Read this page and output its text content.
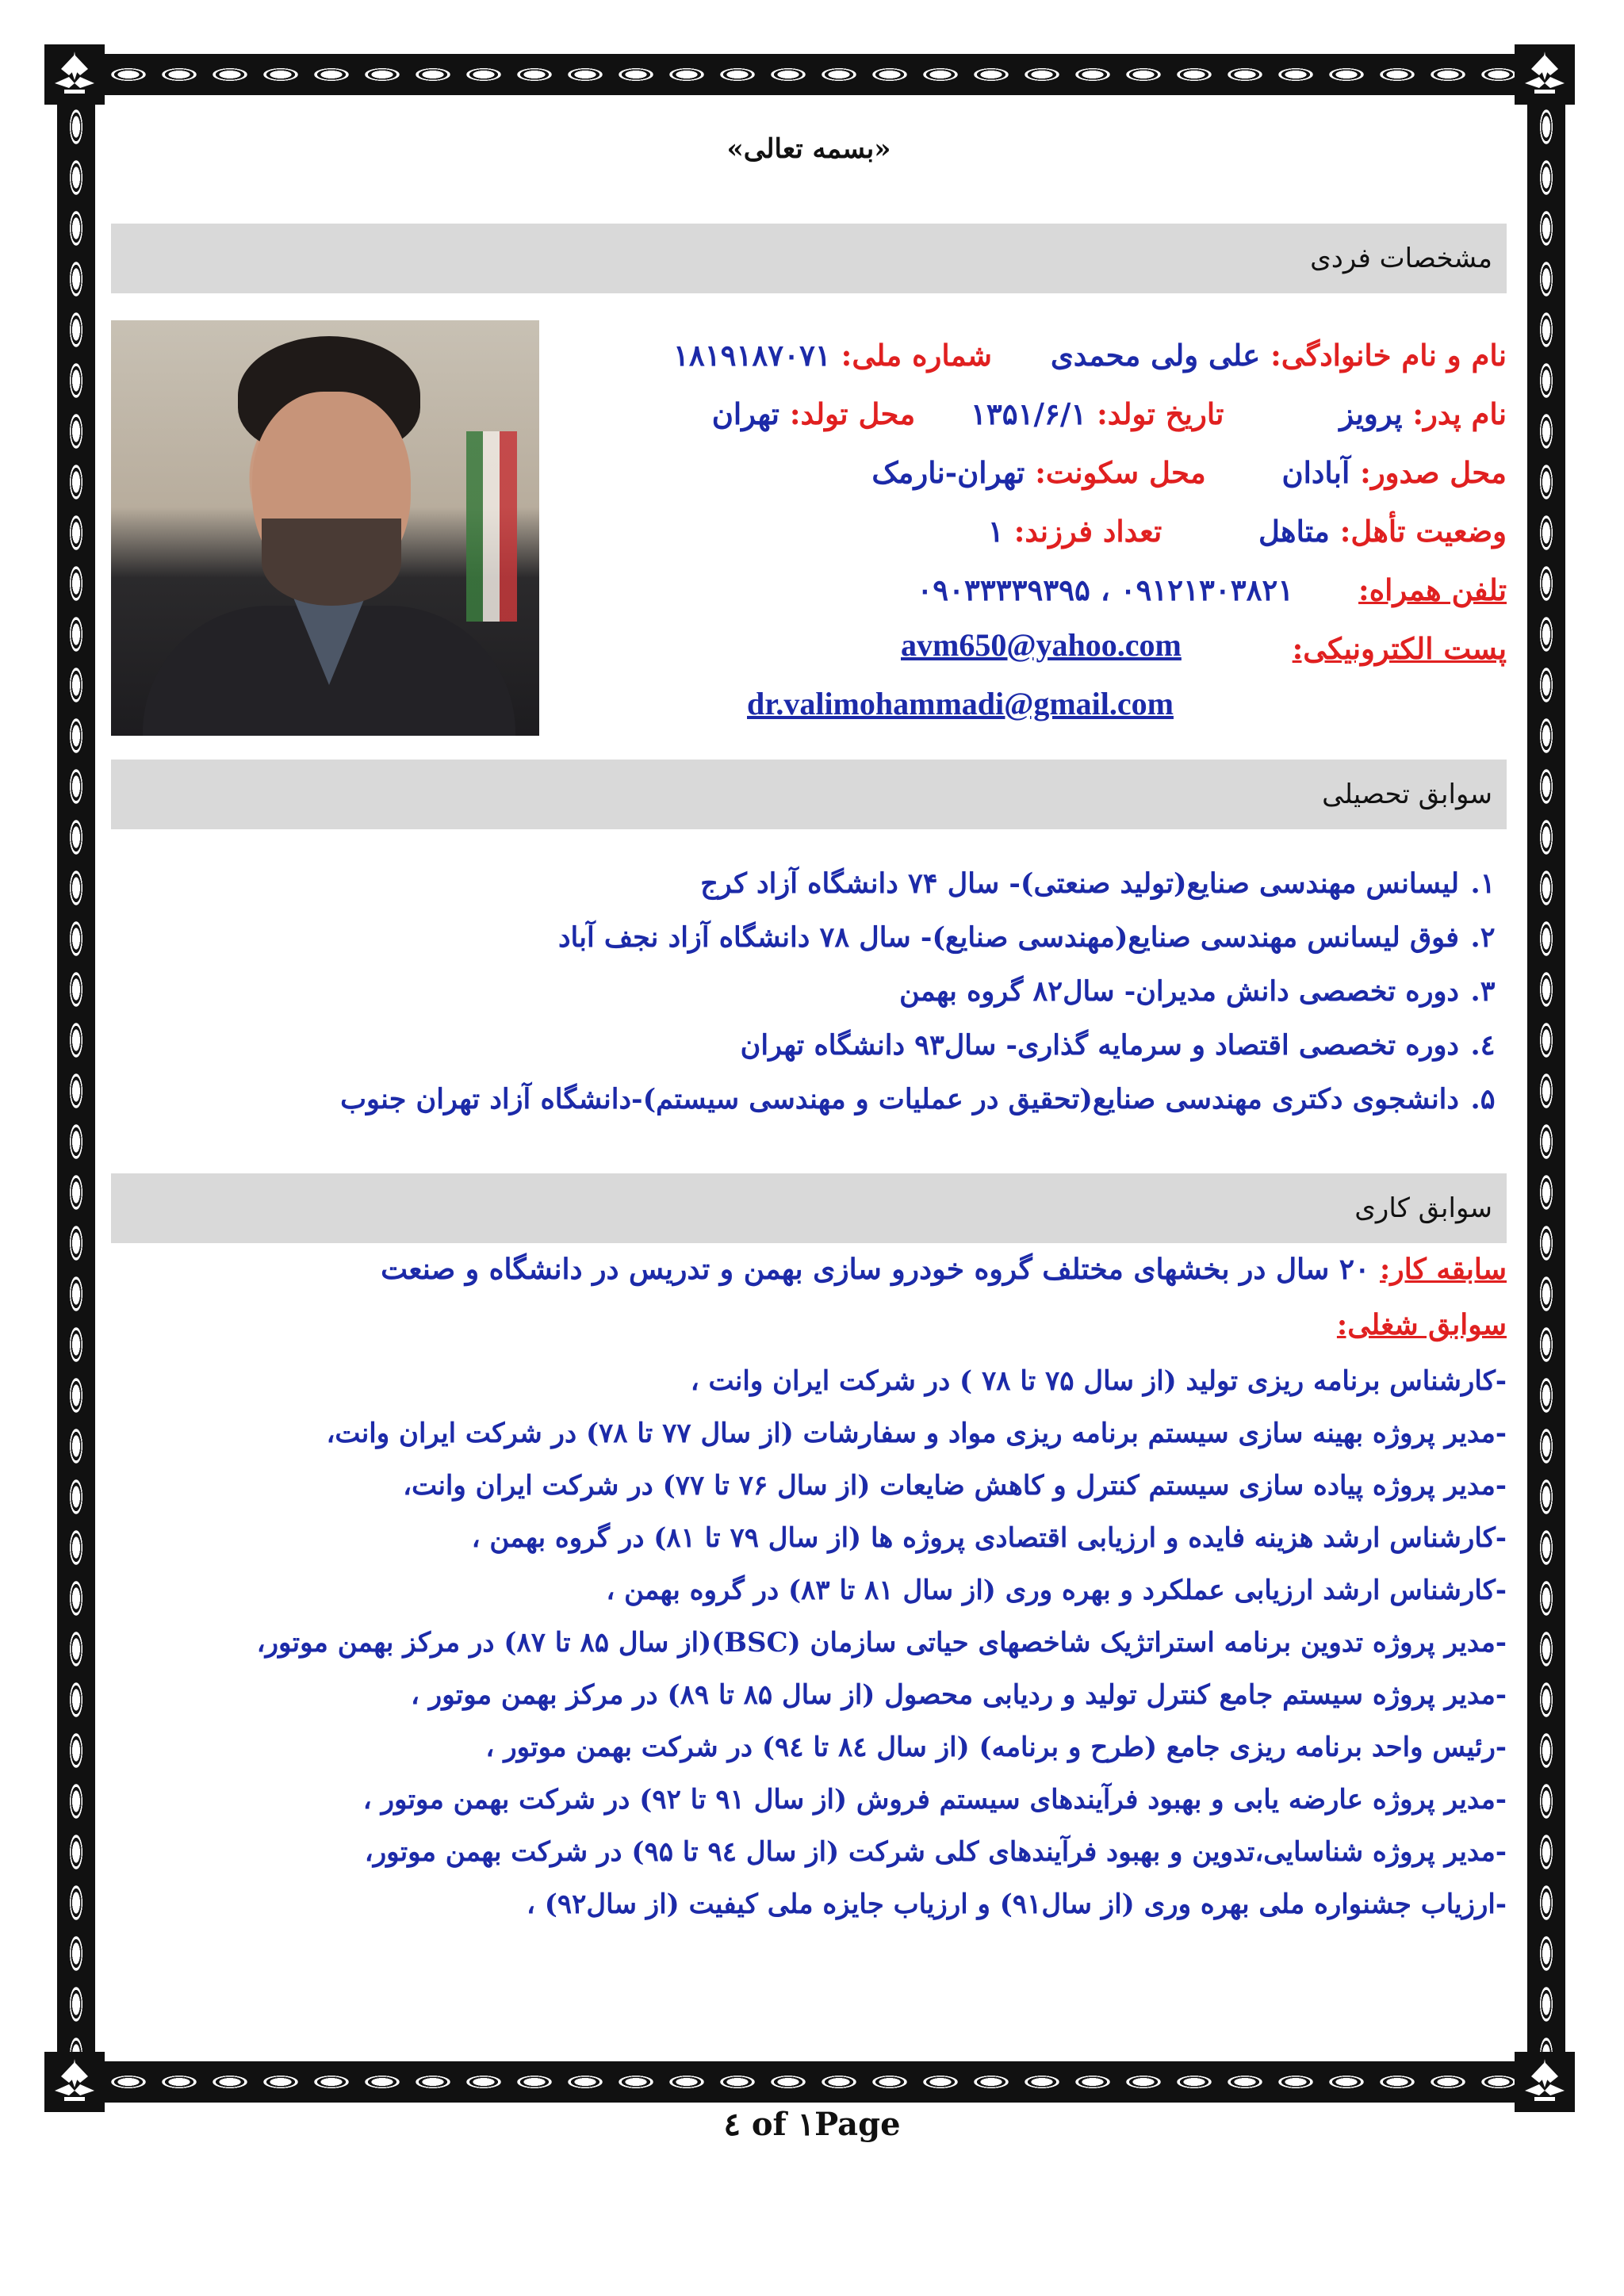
«بسمه تعالی»
مشخصات فردی
نام و نام خانوادگی: علی ولی محمدی  شماره ملی: ۱۸۱۹۱۸۷۰۷۱
نام پدر: پرویز  تاریخ تولد: ۱۳۵۱/۶/۱  محل تولد: تهران
محل صدور: آبادان  محل سکونت: تهران-نارمک
وضعیت تأهل: متاهل  تعداد فرزند: ۱
تلفن همراه:  ۰۹۱۲۱۳۰۳۸۲۱ ، ۰۹۰۳۳۳۳۹۳۹۵
پست الکترونیکی:
avm650@yahoo.com
dr.valimohammadi@gmail.com
سوابق تحصیلی
۱.
لیسانس مهندسی صنایع(تولید صنعتی)- سال ۷۴ دانشگاه آزاد کرج
۲.
فوق لیسانس مهندسی صنایع(مهندسی صنایع)- سال ۷۸ دانشگاه آزاد نجف آباد
۳.
دوره تخصصی دانش مدیران- سال۸۲ گروه بهمن
٤.
دوره تخصصی اقتصاد و سرمایه گذاری- سال۹۳ دانشگاه تهران
۵.
دانشجوی دکتری مهندسی صنایع(تحقیق در عملیات و مهندسی سیستم)-دانشگاه آزاد تهران جنوب
سوابق کاری
سابقه کار: ۲۰ سال در بخشهای مختلف گروه خودرو سازی بهمن و تدریس در دانشگاه و صنعت
سوابق شغلی:
-کارشناس برنامه ریزی تولید (از سال ۷۵ تا ۷۸ ) در شرکت ایران وانت ،
-مدیر پروژه بهینه سازی سیستم برنامه ریزی مواد و سفارشات (از سال ۷۷ تا ۷۸) در شرکت ایران وانت،
-مدیر پروژه پیاده سازی سیستم کنترل و کاهش ضایعات (از سال ۷۶ تا ۷۷) در شرکت ایران وانت،
-کارشناس ارشد هزینه فایده و ارزیابی اقتصادی پروژه ها (از سال ۷۹ تا ۸۱) در گروه بهمن ،
-کارشناس ارشد ارزیابی عملکرد و بهره وری (از سال ۸۱ تا ۸۳) در گروه بهمن ،
-مدیر پروژه تدوین برنامه استراتژیک شاخصهای حیاتی سازمان (BSC)(از سال ۸۵ تا ۸۷) در مرکز بهمن موتور،
-مدیر پروژه سیستم جامع کنترل تولید و ردیابی محصول (از سال ۸۵ تا ۸۹) در مرکز بهمن موتور ،
-رئیس واحد برنامه ریزی جامع (طرح و برنامه) (از سال ۸٤ تا ۹٤) در شرکت بهمن موتور ،
-مدیر پروژه عارضه یابی و بهبود فرآیندهای سیستم فروش (از سال ۹۱ تا ۹۲) در شرکت بهمن موتور ،
-مدیر پروژه شناسایی،تدوین و بهبود فرآیندهای کلی شرکت (از سال ۹٤ تا ۹۵) در شرکت بهمن موتور،
-ارزیاب جشنواره ملی بهره وری (از سال۹۱) و ارزیاب جایزه ملی کیفیت (از سال۹۲) ،
٤ of ۱Page
